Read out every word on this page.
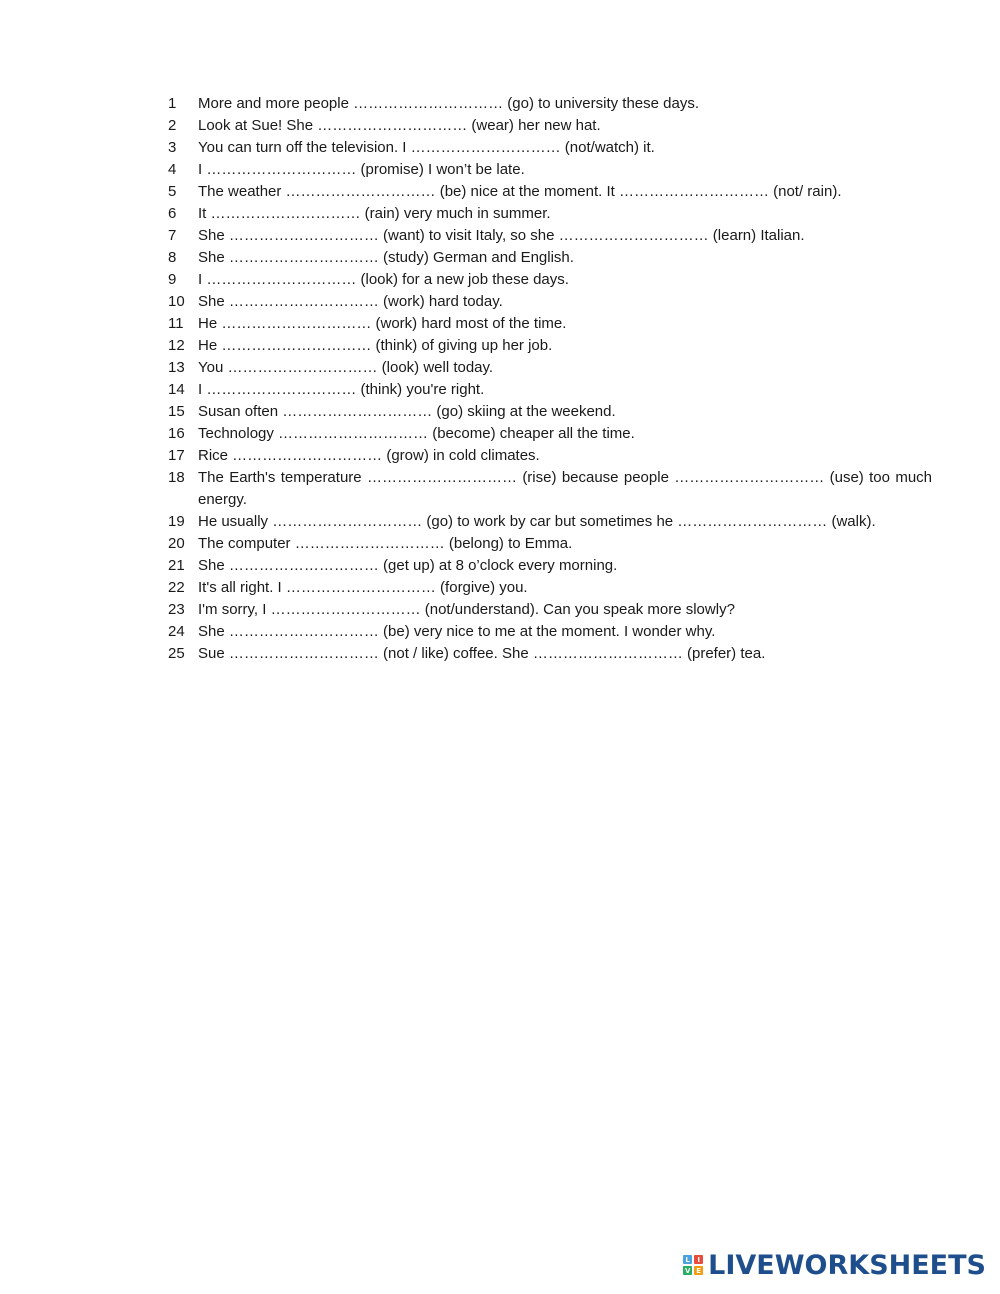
1	More and more people ………………………… (go) to university these days.
2	Look at Sue! She ………………………… (wear) her new hat.
3	You can turn off the television. I ………………………… (not/watch) it.
4	I ………………………… (promise) I won’t be late.
5	The weather ………………………… (be) nice at the moment. It ………………………… (not/ rain).
6	It ………………………… (rain) very much in summer.
7	She ………………………… (want) to visit Italy, so she ………………………… (learn) Italian.
8	She ………………………… (study) German and English.
9	I ………………………… (look) for a new job these days.
10 She ………………………… (work) hard today.
11 He ………………………… (work) hard most of the time.
12 He ………………………… (think) of giving up her job.
13 You ………………………… (look) well today.
14 I ………………………… (think) you're right.
15 Susan often ………………………… (go) skiing at the weekend.
16 Technology ………………………… (become) cheaper all the time.
17 Rice ………………………… (grow) in cold climates.
18 The Earth's temperature ………………………… (rise) because people ………………………… (use) too much energy.
19 He usually ………………………… (go) to work by car but sometimes he ………………………… (walk).
20 The computer ………………………… (belong) to Emma.
21 She ………………………… (get up) at 8 o’clock every morning.
22 It's all right. I ………………………… (forgive) you.
23 I'm sorry, I ………………………… (not/understand). Can you speak more slowly?
24 She ………………………… (be) very nice to me at the moment. I wonder why.
25 Sue ………………………… (not / like) coffee. She ………………………… (prefer) tea.
L	I
V E LIVEWORKSHEETS
